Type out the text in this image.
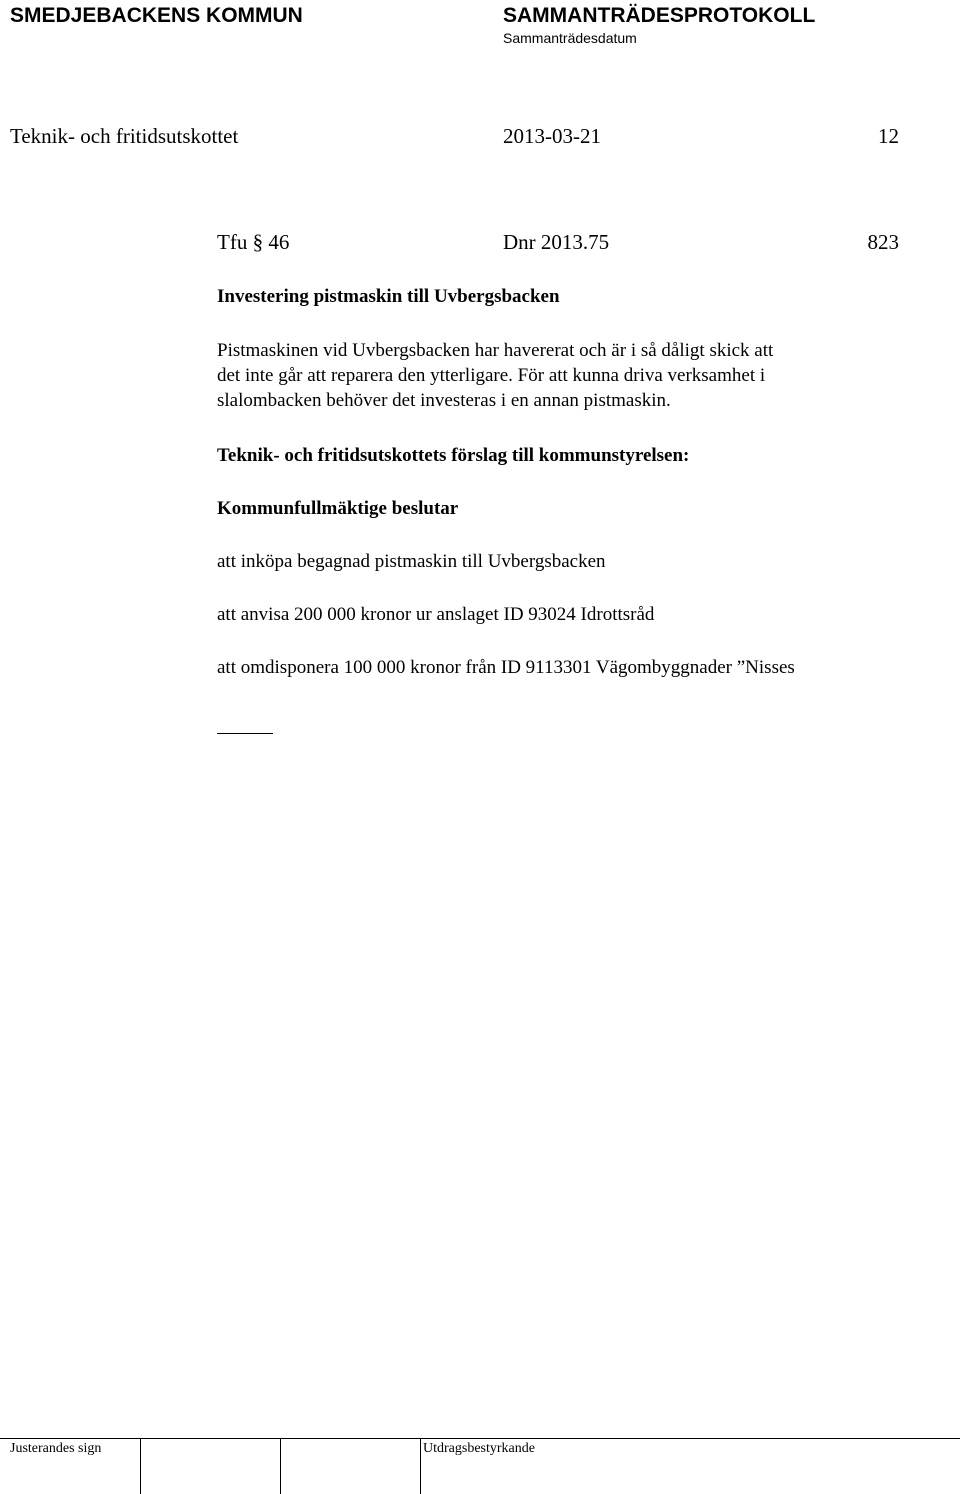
SMEDJEBACKENS KOMMUN	SAMMANTRÄDESPROTOKOLL
Sammanträdesdatum
Teknik- och fritidsutskottet	2013-03-21	12
Tfu § 46	Dnr 2013.75	823
Investering pistmaskin till Uvbergsbacken
Pistmaskinen vid Uvbergsbacken har havererat och är i så dåligt skick att
det inte går att reparera den ytterligare. För att kunna driva verksamhet i
slalombacken behöver det investeras i en annan pistmaskin.
Teknik- och fritidsutskottets förslag till kommunstyrelsen:
Kommunfullmäktige beslutar
att inköpa begagnad pistmaskin till Uvbergsbacken
att anvisa 200 000 kronor ur anslaget ID 93024 Idrottsråd
att omdisponera 100 000 kronor från ID 9113301 Vägombyggnader ”Nisses
Justerandes sign	Utdragsbestyrkande
